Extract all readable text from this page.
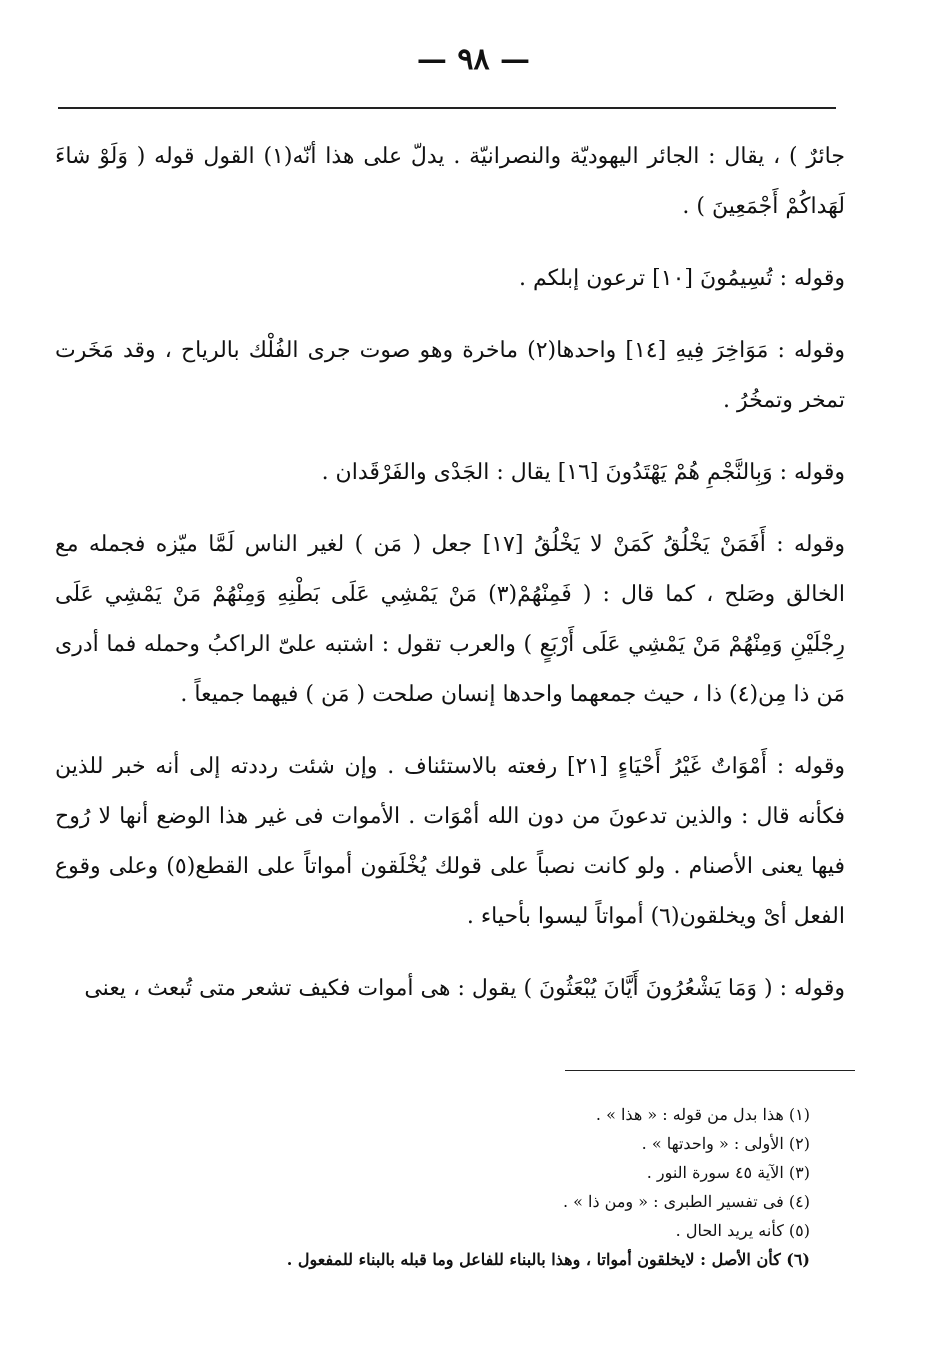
— ٩٨ —

جائرٌ ) ، يقال : الجائر اليهوديّة والنصرانيّة . يدلّ على هذا أنّه(١) القول قوله ( وَلَوْ شاءَ لَهَداكُمْ أَجْمَعِينَ ) .

وقوله : تُسِيمُونَ [١٠] ترعون إبلكم .

وقوله : مَوَاخِرَ فِيهِ [١٤] واحدها(٢) ماخرة وهو صوت جرى الفُلْك بالرياح ، وقد مَخَرت تمخر وتمخُرُ .

وقوله : وَبِالنَّجْمِ هُمْ يَهْتَدُونَ [١٦] يقال : الجَدْى والفَرْقَدان .

وقوله : أَفَمَنْ يَخْلُقُ كَمَنْ لا يَخْلُقُ [١٧] جعل ( مَن ) لغير الناس لَمَّا ميّزه فجمله مع الخالق وصَلح ، كما قال : ( فَمِنْهُمْ(٣) مَنْ يَمْشِي عَلَى بَطْنِهِ وَمِنْهُمْ مَنْ يَمْشِي عَلَى رِجْلَيْنِ وَمِنْهُمْ مَنْ يَمْشِي عَلَى أَرْبَعٍ ) والعرب تقول : اشتبه علىّ الراكبُ وحمله فما أدرى مَن ذا مِن(٤) ذا ، حيث جمعهما واحدها إنسان صلحت ( مَن ) فيهما جميعاً .

وقوله : أَمْوَاتٌ غَيْرُ أَحْيَاءٍ [٢١] رفعته بالاستئناف . وإن شئت رددته إلى أنه خبر للذين فكأنه قال : والذين تدعونَ من دون الله أمْوَات . الأموات فى غير هذا الوضع أنها لا رُوح فيها يعنى الأصنام . ولو كانت نصباً على قولك يُخْلَقون أمواتاً على القطع(٥) وعلى وقوع الفعل أىْ ويخلقون(٦) أمواتاً ليسوا بأحياء .

وقوله : ( وَمَا يَشْعُرُونَ أَيَّانَ يُبْعَثُونَ ) يقول : هى أموات فكيف تشعر متى تُبعث ، يعنى

(١) هذا بدل من قوله : « هذا » .

(٢) الأولى : « واحدتها » .

(٣) الآية ٤٥ سورة النور .

(٤) فى تفسير الطبرى : « ومن ذا » .

(٥) كأنه يريد الحال .

(٦) كأن الأصل : لايخلقون أمواتا ، وهذا بالبناء للفاعل وما قبله بالبناء للمفعول .
